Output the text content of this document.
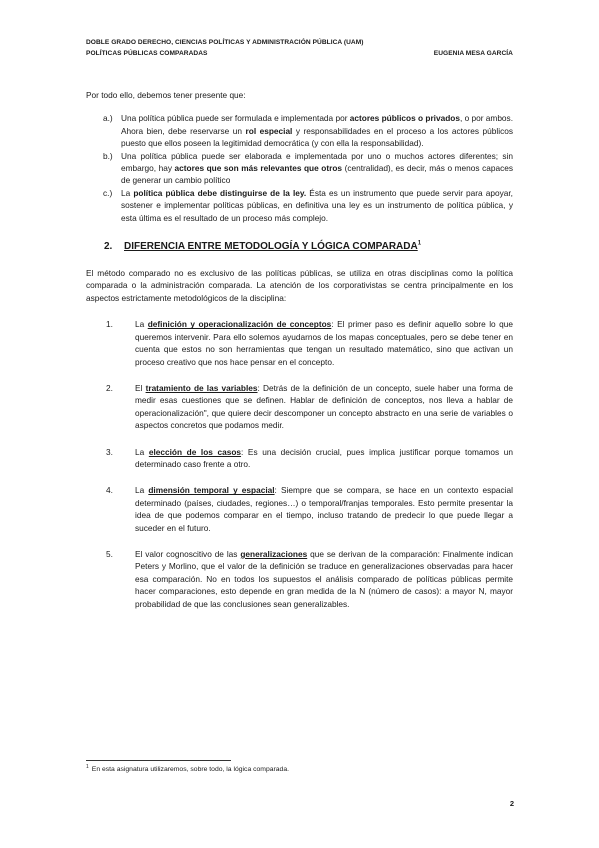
DOBLE GRADO DERECHO, CIENCIAS POLÍTICAS Y ADMINISTRACIÓN PÚBLICA (UAM)
POLÍTICAS PÚBLICAS COMPARADAS	EUGENIA MESA GARCÍA

Por todo ello, debemos tener presente que:

a.) Una política pública puede ser formulada e implementada por actores públicos o privados, o por ambos. Ahora bien, debe reservarse un rol especial y responsabilidades en el proceso a los actores públicos puesto que ellos poseen la legitimidad democrática (y con ella la responsabilidad).
b.) Una política pública puede ser elaborada e implementada por uno o muchos actores diferentes; sin embargo, hay actores que son más relevantes que otros (centralidad), es decir, más o menos capaces de generar un cambio político
c.) La política pública debe distinguirse de la ley. Ésta es un instrumento que puede servir para apoyar, sostener e implementar políticas públicas, en definitiva una ley es un instrumento de política pública, y esta última es el resultado de un proceso más complejo.
2. DIFERENCIA ENTRE METODOLOGÍA Y LÓGICA COMPARADA$^1$

El método comparado no es exclusivo de las políticas públicas, se utiliza en otras disciplinas como la política comparada o la administración comparada. La atención de los corporativistas se centra principalmente en los aspectos estrictamente metodológicos de la disciplina:

1.	La definición y operacionalización de conceptos: El primer paso es definir aquello sobre lo que queremos intervenir. Para ello solemos ayudarnos de los mapas conceptuales, pero se debe tener en cuenta que estos no son herramientas que tengan un resultado matemático, sino que activan un proceso creativo que nos hace pensar en el concepto.
2.	El tratamiento de las variables: Detrás de la definición de un concepto, suele haber una forma de medir esas cuestiones que se definen. Hablar de definición de conceptos, nos lleva a hablar de operacionalización", que quiere decir descomponer un concepto abstracto en una serie de variables o aspectos concretos que podamos medir.
3.	La elección de los casos: Es una decisión crucial, pues implica justificar porque tomamos un determinado caso frente a otro.
4.	La dimensión temporal y espacial: Siempre que se compara, se hace en un contexto espacial determinado (países, ciudades, regiones…) o temporal/franjas temporales. Esto permite presentar la idea de que podemos comparar en el tiempo, incluso tratando de predecir lo que puede llegar a suceder en el futuro.
5.	El valor cognoscitivo de las generalizaciones que se derivan de la comparación: Finalmente indican Peters y Morlino, que el valor de la definición se traduce en generalizaciones observadas para hacer esa comparación. No en todos los supuestos el análisis comparado de políticas públicas permite hacer comparaciones, esto depende en gran medida de la N (número de casos): a mayor N, mayor probabilidad de que las conclusiones sean generalizables.
$^1$ En esta asignatura utilizaremos, sobre todo, la lógica comparada.
2
